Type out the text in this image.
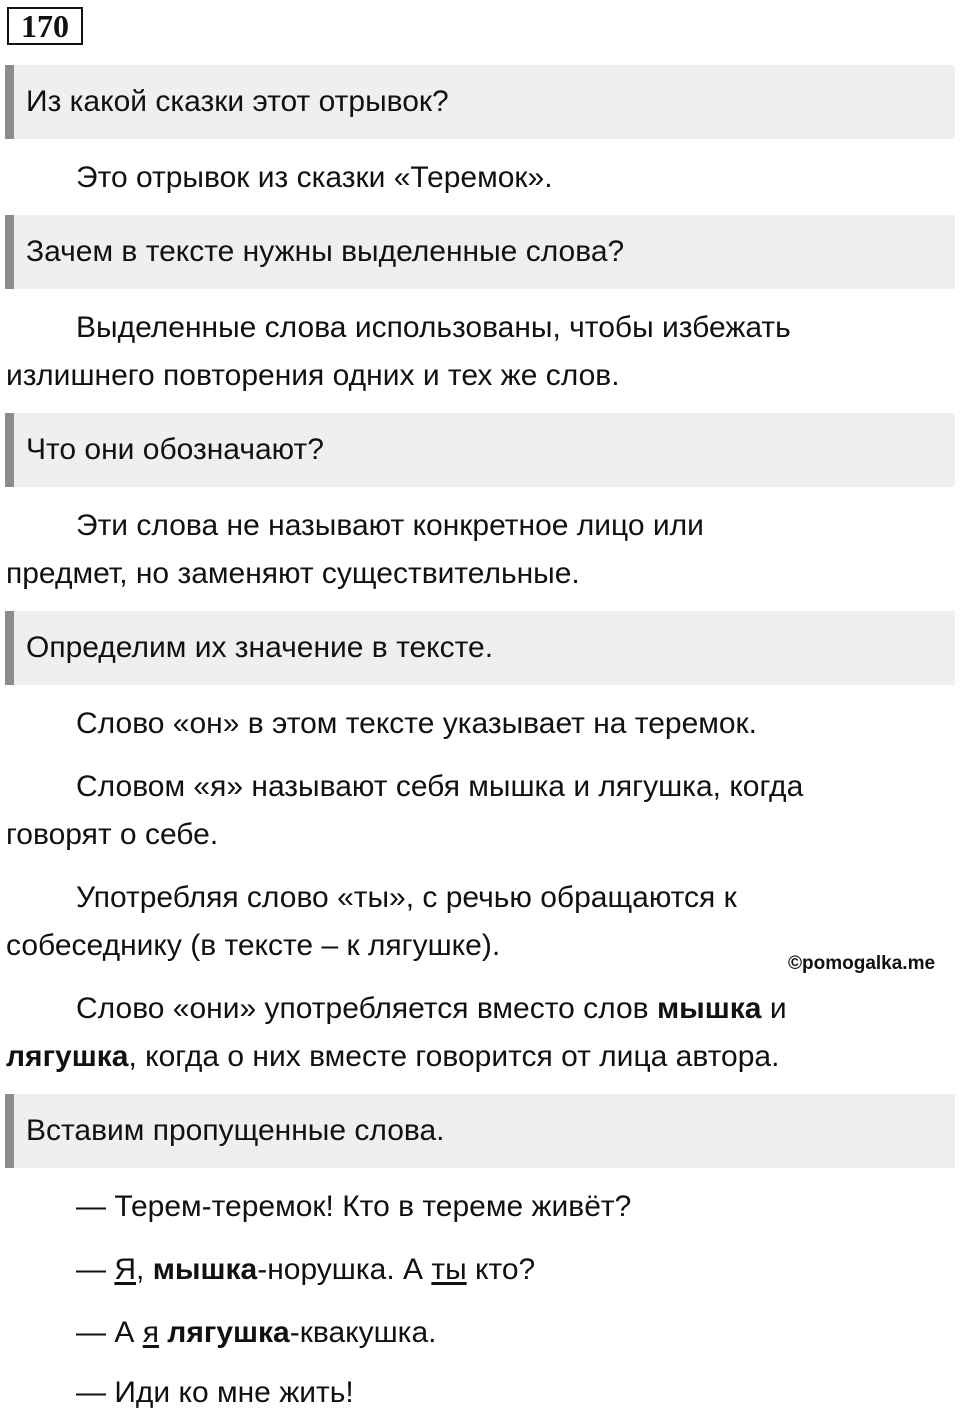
170
Из какой сказки этот отрывок?
Это отрывок из сказки «Теремок».
Зачем в тексте нужны выделенные слова?
Выделенные слова использованы, чтобы избежать
излишнего повторения одних и тех же слов.
Что они обозначают?
Эти слова не называют конкретное лицо или
предмет, но заменяют существительные.
Определим их значение в тексте.
Слово «он» в этом тексте указывает на теремок.
Словом «я» называют себя мышка и лягушка, когда
говорят о себе.
Употребляя слово «ты», с речью обращаются к
собеседнику (в тексте – к лягушке).
©pomogalka.me
Слово «они» употребляется вместо слов мышка и
лягушка, когда о них вместе говорится от лица автора.
Вставим пропущенные слова.
— Терем-теремок! Кто в тереме живёт?
— Я, мышка-норушка. А ты кто?
— А я лягушка-квакушка.
— Иди ко мне жить!
